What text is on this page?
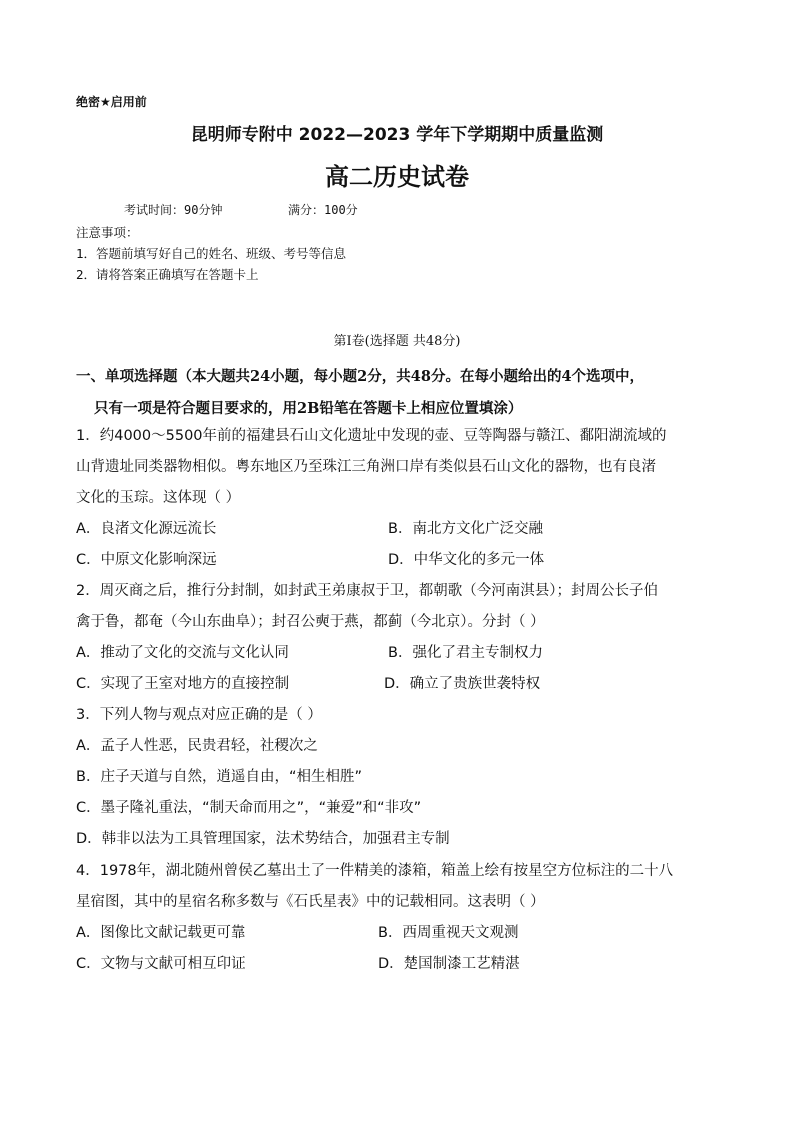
绝密★启用前
昆明师专附中 2022—2023 学年下学期期中质量监测
高二历史试卷
考试时间：90分钟	满分：100分
注意事项：
1．答题前填写好自己的姓名、班级、考号等信息
2．请将答案正确填写在答题卡上
第Ⅰ卷(选择题 共48分)
一、单项选择题（本大题共24小题，每小题2分，共48分。在每小题给出的4个选项中，
只有一项是符合题目要求的，用2B铅笔在答题卡上相应位置填涂）
1．约4000～5500年前的福建县石山文化遗址中发现的壶、豆等陶器与赣江、鄱阳湖流域的
山背遗址同类器物相似。粤东地区乃至珠江三角洲口岸有类似县石山文化的器物，也有良渚
文化的玉琮。这体现（ ）
A．良渚文化源远流长	B．南北方文化广泛交融
C．中原文化影响深远	D．中华文化的多元一体
2．周灭商之后，推行分封制，如封武王弟康叔于卫，都朝歌（今河南淇县）；封周公长子伯
禽于鲁，都奄（今山东曲阜）；封召公奭于燕，都蓟（今北京）。分封（ ）
A．推动了文化的交流与文化认同	B．强化了君主专制权力
C．实现了王室对地方的直接控制	D．确立了贵族世袭特权
3．下列人物与观点对应正确的是（ ）
A．孟子人性恶，民贵君轻，社稷次之
B．庄子天道与自然，逍遥自由，“相生相胜”
C．墨子隆礼重法，“制天命而用之”，“兼爱”和“非攻”
D．韩非以法为工具管理国家，法术势结合，加强君主专制
4．1978年，湖北随州曾侯乙墓出土了一件精美的漆箱，箱盖上绘有按星空方位标注的二十八
星宿图，其中的星宿名称多数与《石氏星表》中的记载相同。这表明（ ）
A．图像比文献记载更可靠	B．西周重视天文观测
C．文物与文献可相互印证	D．楚国制漆工艺精湛
